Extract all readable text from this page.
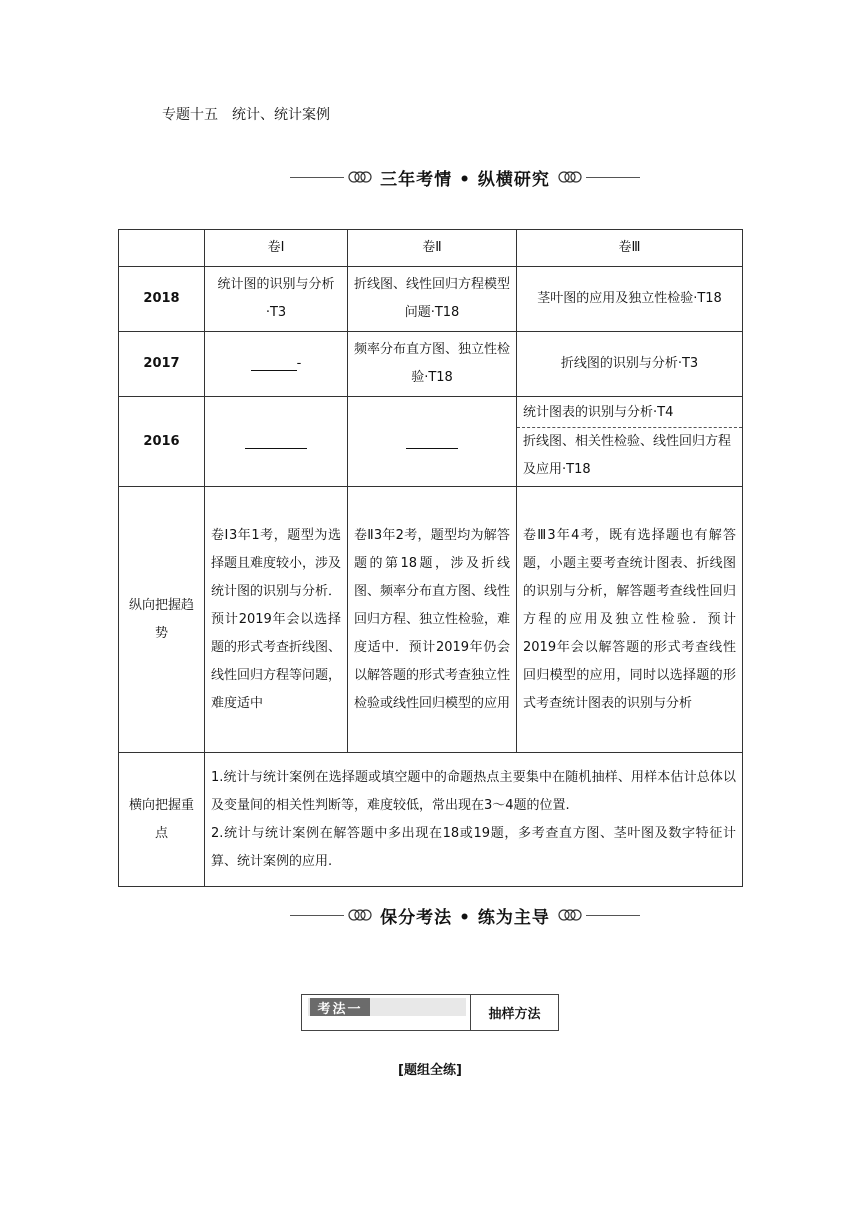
专题十五　统计、统计案例
三年考情 • 纵横研究
	卷Ⅰ	卷Ⅱ	卷Ⅲ
2018	统计图的识别与分析·T3	折线图、线性回归方程模型问题·T18	茎叶图的应用及独立性检验·T18
2017	-	频率分布直方图、独立性检验·T18	折线图的识别与分析·T3
2016			统计图表的识别与分析·T4
折线图、相关性检验、线性回归方程及应用·T18

纵向把握趋势	卷Ⅰ3年1考，题型为选择题且难度较小，涉及统计图的识别与分析．预计2019年会以选择题的形式考查折线图、线性回归方程等问题，难度适中	卷Ⅱ3年2考，题型均为解答题的第18题，涉及折线图、频率分布直方图、线性回归方程、独立性检验，难度适中．预计2019年仍会以解答题的形式考查独立性检验或线性回归模型的应用	卷Ⅲ3年4考，既有选择题也有解答题，小题主要考查统计图表、折线图的识别与分析，解答题考查线性回归方程的应用及独立性检验．预计2019年会以解答题的形式考查线性回归模型的应用，同时以选择题的形式考查统计图表的识别与分析
横向把握重点	1.统计与统计案例在选择题或填空题中的命题热点主要集中在随机抽样、用样本估计总体以及变量间的相关性判断等，难度较低，常出现在3～4题的位置.
2.统计与统计案例在解答题中多出现在18或19题，多考查直方图、茎叶图及数字特征计算、统计案例的应用.		
保分考法 • 练为主导
考法一	抽样方法
[题组全练]
